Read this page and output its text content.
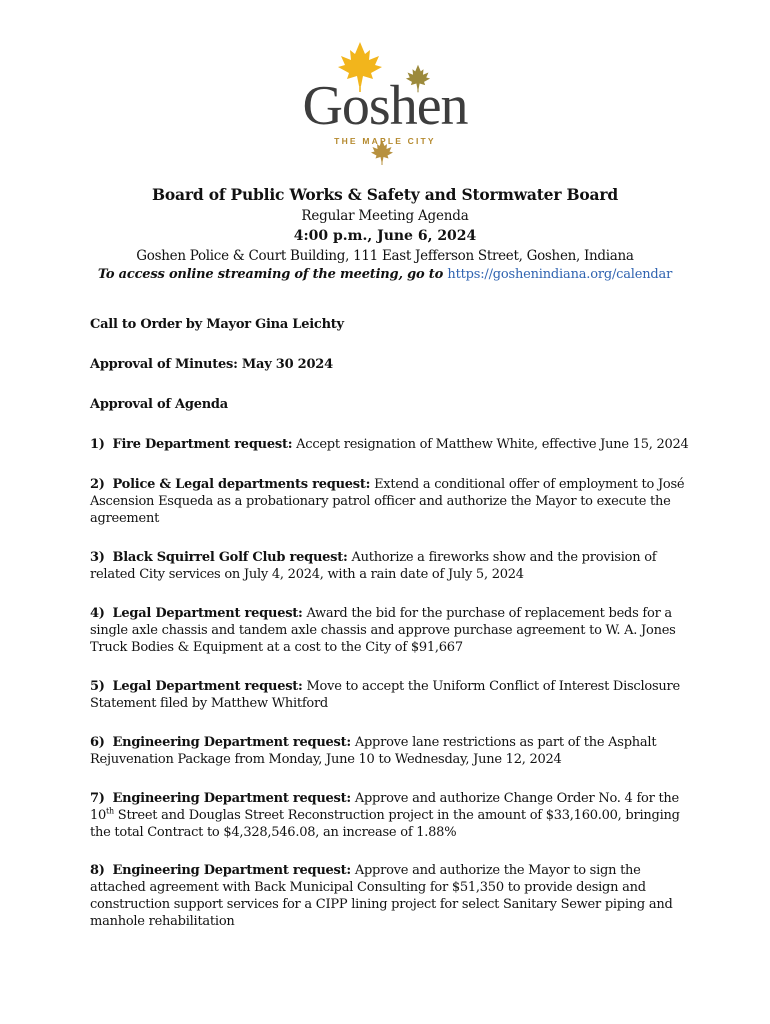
Goshen
THE MAPLE CITY
Board of Public Works & Safety and Stormwater Board
Regular Meeting Agenda
4:00 p.m., June 6, 2024
Goshen Police & Court Building, 111 East Jefferson Street, Goshen, Indiana
To access online streaming of the meeting, go to https://goshenindiana.org/calendar
Call to Order by Mayor Gina Leichty
Approval of Minutes: May 30 2024
Approval of Agenda
1) Fire Department request: Accept resignation of Matthew White, effective June 15, 2024
2) Police & Legal departments request: Extend a conditional offer of employment to José Ascension Esqueda as a probationary patrol officer and authorize the Mayor to execute the agreement
3) Black Squirrel Golf Club request: Authorize a fireworks show and the provision of related City services on July 4, 2024, with a rain date of July 5, 2024
4) Legal Department request: Award the bid for the purchase of replacement beds for a single axle chassis and tandem axle chassis and approve purchase agreement to W. A. Jones Truck Bodies & Equipment at a cost to the City of $91,667
5) Legal Department request: Move to accept the Uniform Conflict of Interest Disclosure Statement filed by Matthew Whitford
6) Engineering Department request: Approve lane restrictions as part of the Asphalt Rejuvenation Package from Monday, June 10 to Wednesday, June 12, 2024
7) Engineering Department request: Approve and authorize Change Order No. 4 for the 10th Street and Douglas Street Reconstruction project in the amount of $33,160.00, bringing the total Contract to $4,328,546.08, an increase of 1.88%
8) Engineering Department request: Approve and authorize the Mayor to sign the attached agreement with Back Municipal Consulting for $51,350 to provide design and construction support services for a CIPP lining project for select Sanitary Sewer piping and manhole rehabilitation
